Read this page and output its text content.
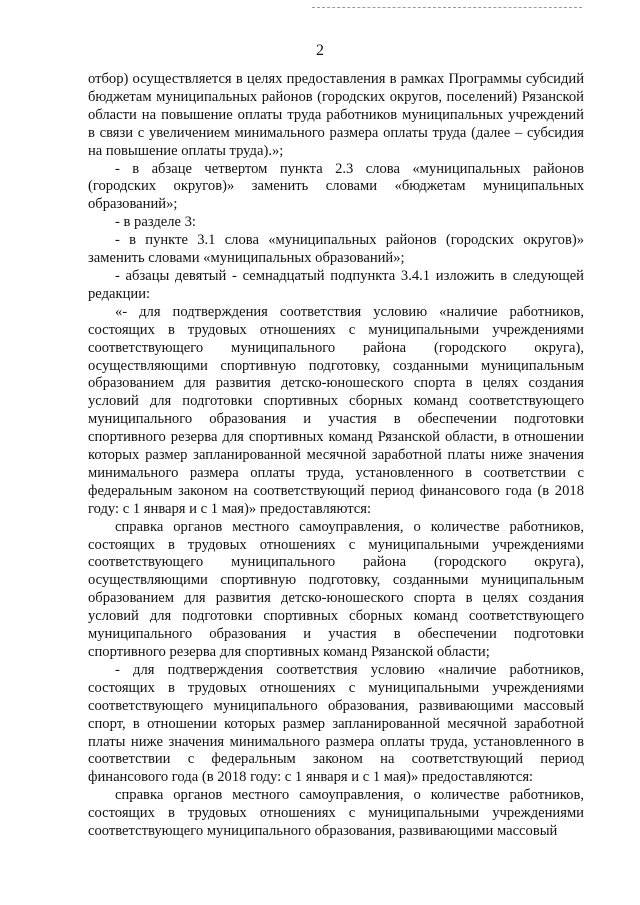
2

отбор) осуществляется в целях предоставления в рамках Программы субсидий бюджетам муниципальных районов (городских округов, поселений) Рязанской области на повышение оплаты труда работников муниципальных учреждений в связи с увеличением минимального размера оплаты труда (далее – субсидия на повышение оплаты труда).»;

- в абзаце четвертом пункта 2.3 слова «муниципальных районов (городских округов)» заменить словами «бюджетам муниципальных образований»;

- в разделе 3:

- в пункте 3.1 слова «муниципальных районов (городских округов)» заменить словами «муниципальных образований»;

- абзацы девятый - семнадцатый подпункта 3.4.1 изложить в следующей редакции:

«- для подтверждения соответствия условию «наличие работников, состоящих в трудовых отношениях с муниципальными учреждениями соответствующего муниципального района (городского округа), осуществляющими спортивную подготовку, созданными муниципальным образованием для развития детско-юношеского спорта в целях создания условий для подготовки спортивных сборных команд соответствующего муниципального образования и участия в обеспечении подготовки спортивного резерва для спортивных команд Рязанской области, в отношении которых размер запланированной месячной заработной платы ниже значения минимального размера оплаты труда, установленного в соответствии с федеральным законом на соответствующий период финансового года (в 2018 году: с 1 января и с 1 мая)» предоставляются:

справка органов местного самоуправления, о количестве работников, состоящих в трудовых отношениях с муниципальными учреждениями соответствующего муниципального района (городского округа), осуществляющими спортивную подготовку, созданными муниципальным образованием для развития детско-юношеского спорта в целях создания условий для подготовки спортивных сборных команд соответствующего муниципального образования и участия в обеспечении подготовки спортивного резерва для спортивных команд Рязанской области;

- для подтверждения соответствия условию «наличие работников, состоящих в трудовых отношениях с муниципальными учреждениями соответствующего муниципального образования, развивающими массовый спорт, в отношении которых размер запланированной месячной заработной платы ниже значения минимального размера оплаты труда, установленного в соответствии с федеральным законом на соответствующий период финансового года (в 2018 году: с 1 января и с 1 мая)» предоставляются:

справка органов местного самоуправления, о количестве работников, состоящих в трудовых отношениях с муниципальными учреждениями соответствующего муниципального образования, развивающими массовый
